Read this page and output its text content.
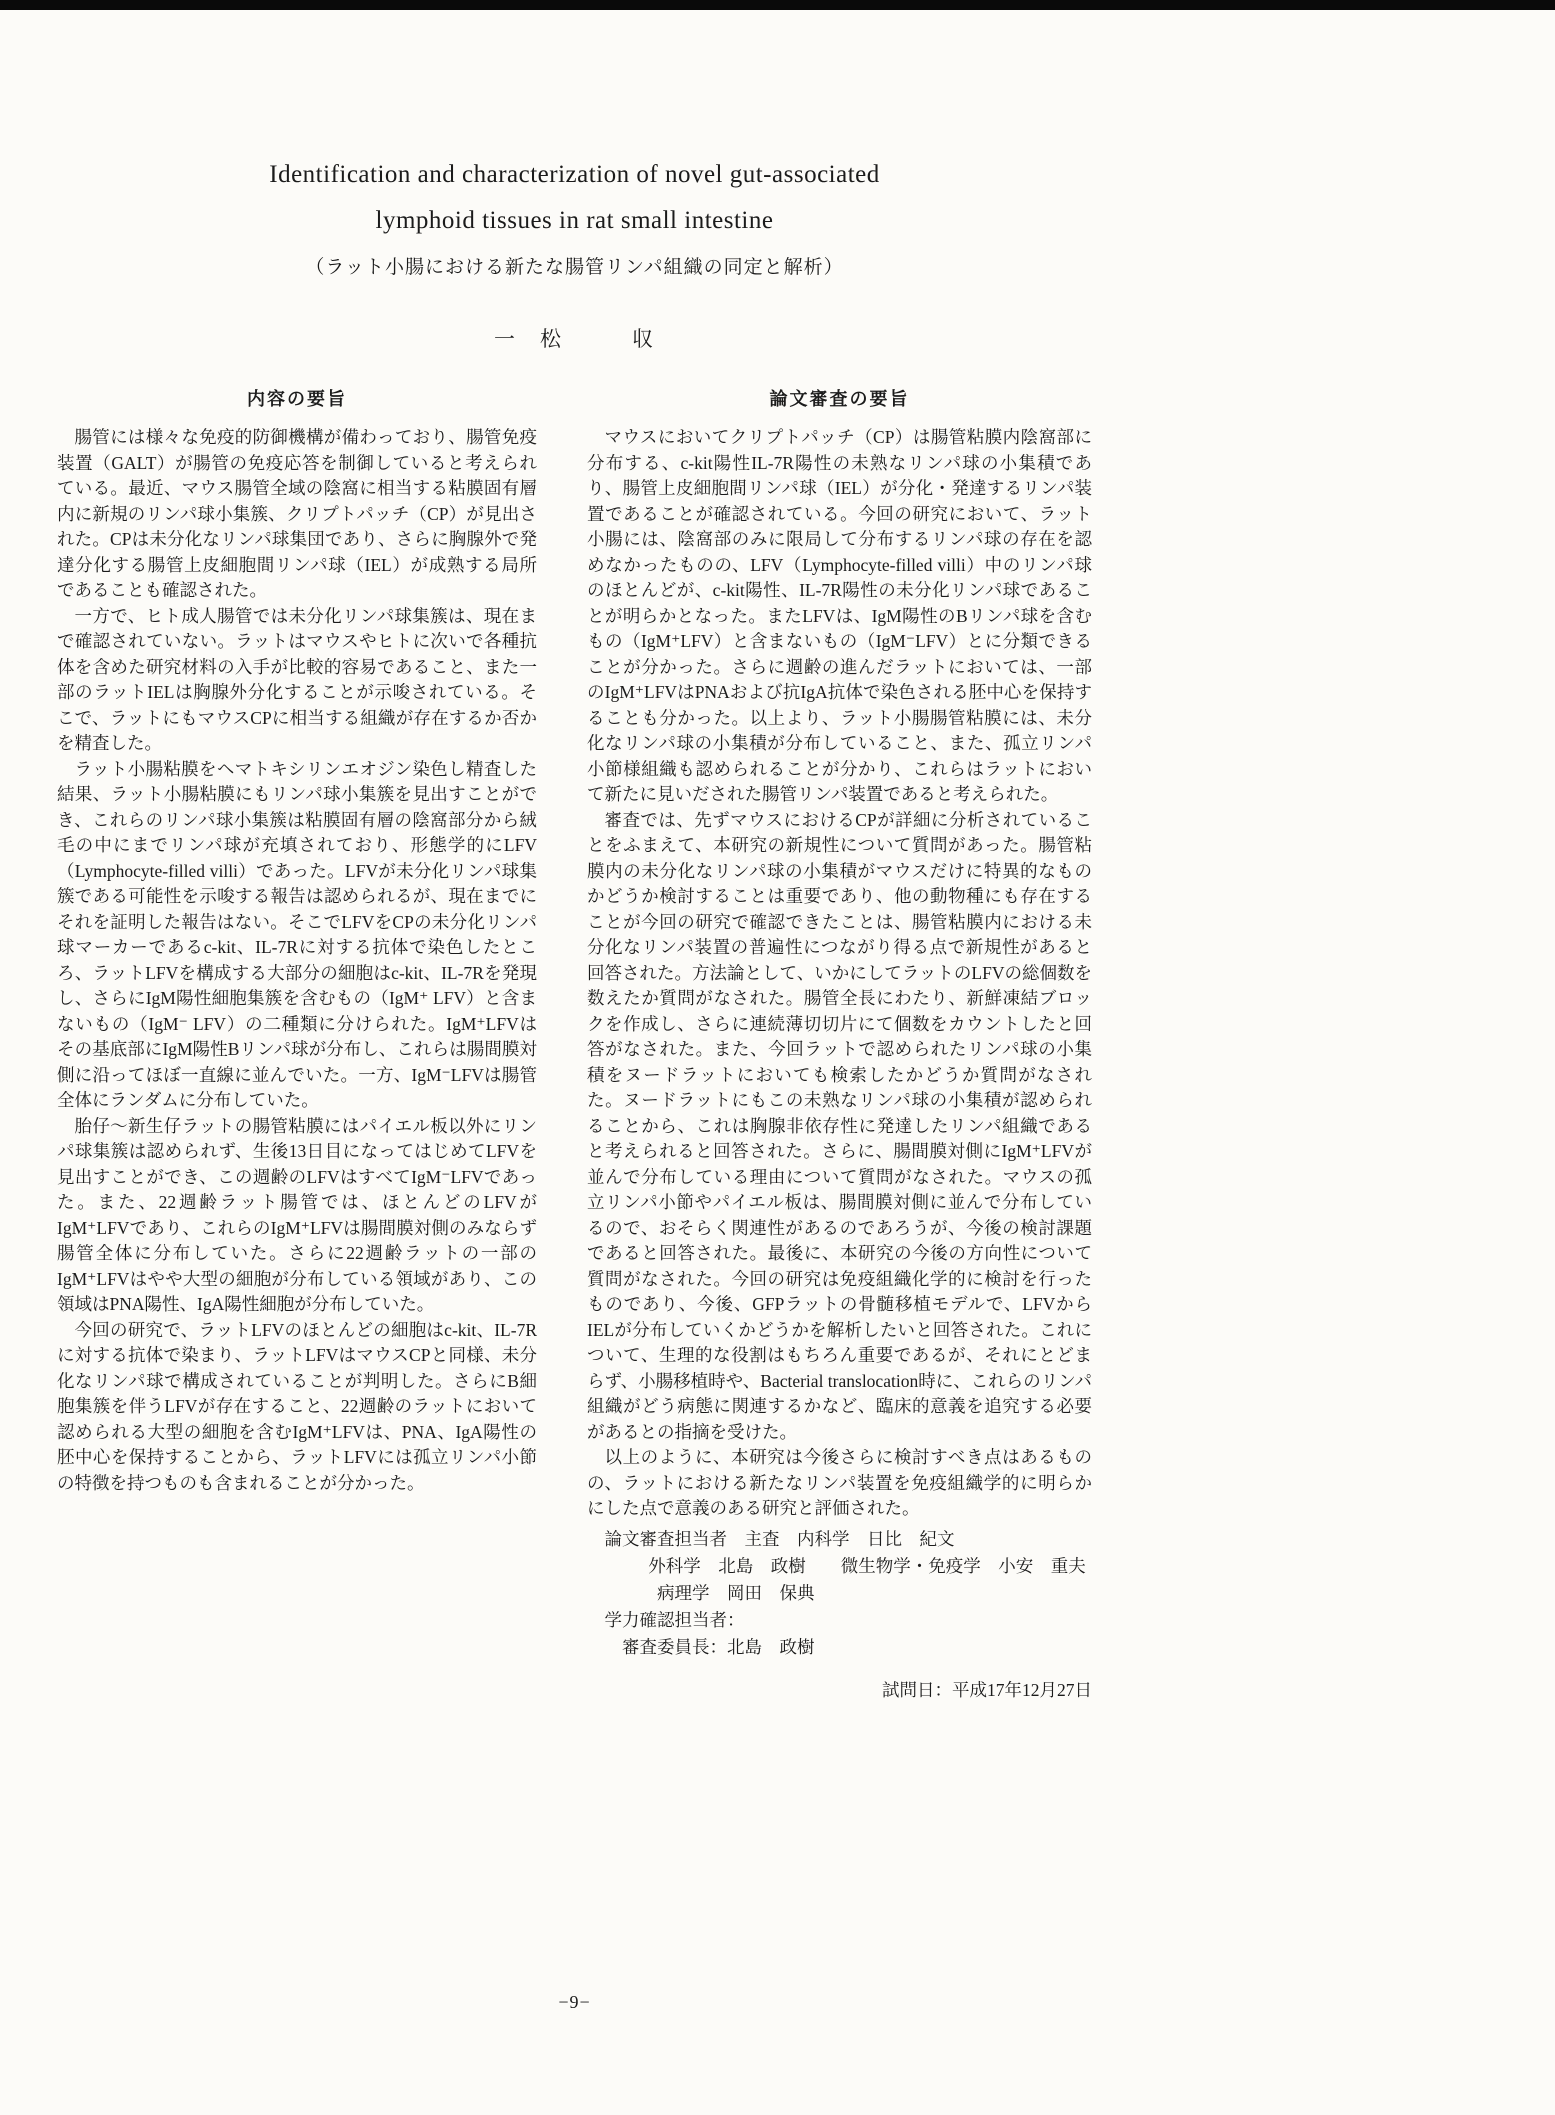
Identification and characterization of novel gut-associated
lymphoid tissues in rat small intestine
（ラット小腸における新たな腸管リンパ組織の同定と解析）
一　松　　　収
内容の要旨

腸管には様々な免疫的防御機構が備わっており、腸管免疫装置（GALT）が腸管の免疫応答を制御していると考えられている。最近、マウス腸管全域の陰窩に相当する粘膜固有層内に新規のリンパ球小集簇、クリプトパッチ（CP）が見出された。CPは未分化なリンパ球集団であり、さらに胸腺外で発達分化する腸管上皮細胞間リンパ球（IEL）が成熟する局所であることも確認された。

一方で、ヒト成人腸管では未分化リンパ球集簇は、現在まで確認されていない。ラットはマウスやヒトに次いで各種抗体を含めた研究材料の入手が比較的容易であること、また一部のラットIELは胸腺外分化することが示唆されている。そこで、ラットにもマウスCPに相当する組織が存在するか否かを精査した。

ラット小腸粘膜をヘマトキシリンエオジン染色し精査した結果、ラット小腸粘膜にもリンパ球小集簇を見出すことができ、これらのリンパ球小集簇は粘膜固有層の陰窩部分から絨毛の中にまでリンパ球が充填されており、形態学的にLFV（Lymphocyte-filled villi）であった。LFVが未分化リンパ球集簇である可能性を示唆する報告は認められるが、現在までにそれを証明した報告はない。そこでLFVをCPの未分化リンパ球マーカーであるc-kit、IL-7Rに対する抗体で染色したところ、ラットLFVを構成する大部分の細胞はc-kit、IL-7Rを発現し、さらにIgM陽性細胞集簇を含むもの（IgM⁺ LFV）と含まないもの（IgM⁻ LFV）の二種類に分けられた。IgM⁺LFVはその基底部にIgM陽性Bリンパ球が分布し、これらは腸間膜対側に沿ってほぼ一直線に並んでいた。一方、IgM⁻LFVは腸管全体にランダムに分布していた。

胎仔～新生仔ラットの腸管粘膜にはパイエル板以外にリンパ球集簇は認められず、生後13日目になってはじめてLFVを見出すことができ、この週齢のLFVはすべてIgM⁻LFVであった。また、22週齢ラット腸管では、ほとんどのLFVがIgM⁺LFVであり、これらのIgM⁺LFVは腸間膜対側のみならず腸管全体に分布していた。さらに22週齢ラットの一部のIgM⁺LFVはやや大型の細胞が分布している領域があり、この領域はPNA陽性、IgA陽性細胞が分布していた。

今回の研究で、ラットLFVのほとんどの細胞はc-kit、IL-7Rに対する抗体で染まり、ラットLFVはマウスCPと同様、未分化なリンパ球で構成されていることが判明した。さらにB細胞集簇を伴うLFVが存在すること、22週齢のラットにおいて認められる大型の細胞を含むIgM⁺LFVは、PNA、IgA陽性の胚中心を保持することから、ラットLFVには孤立リンパ小節の特徴を持つものも含まれることが分かった。

論文審査の要旨

マウスにおいてクリプトパッチ（CP）は腸管粘膜内陰窩部に分布する、c-kit陽性IL-7R陽性の未熟なリンパ球の小集積であり、腸管上皮細胞間リンパ球（IEL）が分化・発達するリンパ装置であることが確認されている。今回の研究において、ラット小腸には、陰窩部のみに限局して分布するリンパ球の存在を認めなかったものの、LFV（Lymphocyte-filled villi）中のリンパ球のほとんどが、c-kit陽性、IL-7R陽性の未分化リンパ球であることが明らかとなった。またLFVは、IgM陽性のBリンパ球を含むもの（IgM⁺LFV）と含まないもの（IgM⁻LFV）とに分類できることが分かった。さらに週齢の進んだラットにおいては、一部のIgM⁺LFVはPNAおよび抗IgA抗体で染色される胚中心を保持することも分かった。以上より、ラット小腸腸管粘膜には、未分化なリンパ球の小集積が分布していること、また、孤立リンパ小節様組織も認められることが分かり、これらはラットにおいて新たに見いだされた腸管リンパ装置であると考えられた。

審査では、先ずマウスにおけるCPが詳細に分析されていることをふまえて、本研究の新規性について質問があった。腸管粘膜内の未分化なリンパ球の小集積がマウスだけに特異的なものかどうか検討することは重要であり、他の動物種にも存在することが今回の研究で確認できたことは、腸管粘膜内における未分化なリンパ装置の普遍性につながり得る点で新規性があると回答された。方法論として、いかにしてラットのLFVの総個数を数えたか質問がなされた。腸管全長にわたり、新鮮凍結ブロックを作成し、さらに連続薄切切片にて個数をカウントしたと回答がなされた。また、今回ラットで認められたリンパ球の小集積をヌードラットにおいても検索したかどうか質問がなされた。ヌードラットにもこの未熟なリンパ球の小集積が認められることから、これは胸腺非依存性に発達したリンパ組織であると考えられると回答された。さらに、腸間膜対側にIgM⁺LFVが並んで分布している理由について質問がなされた。マウスの孤立リンパ小節やパイエル板は、腸間膜対側に並んで分布しているので、おそらく関連性があるのであろうが、今後の検討課題であると回答された。最後に、本研究の今後の方向性について質問がなされた。今回の研究は免疫組織化学的に検討を行ったものであり、今後、GFPラットの骨髄移植モデルで、LFVからIELが分布していくかどうかを解析したいと回答された。これについて、生理的な役割はもちろん重要であるが、それにとどまらず、小腸移植時や、Bacterial translocation時に、これらのリンパ組織がどう病態に関連するかなど、臨床的意義を追究する必要があるとの指摘を受けた。

以上のように、本研究は今後さらに検討すべき点はあるものの、ラットにおける新たなリンパ装置を免疫組織学的に明らかにした点で意義のある研究と評価された。

論文審査担当者　主査　内科学　日比　紀文
外科学　北島　政樹　　微生物学・免疫学　小安　重夫
病理学　岡田　保典
学力確認担当者：
審査委員長：北島　政樹
試問日：平成17年12月27日
−9−
